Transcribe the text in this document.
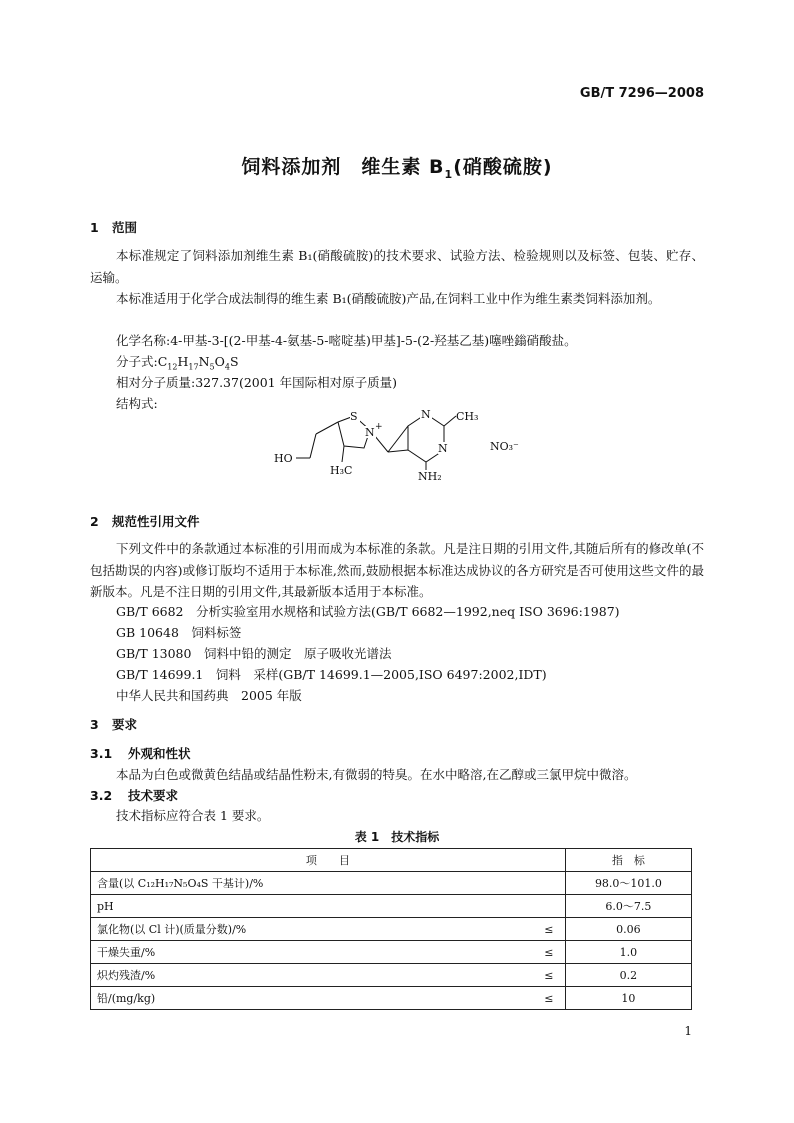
GB/T 7296—2008
饲料添加剂　维生素 $B_1$(硝酸硫胺)
1 范围
本标准规定了饲料添加剂维生素 B₁(硝酸硫胺)的技术要求、试验方法、检验规则以及标签、包装、贮存、运输。
本标准适用于化学合成法制得的维生素 B₁(硝酸硫胺)产品,在饲料工业中作为维生素类饲料添加剂。
化学名称:4-甲基-3-[(2-甲基-4-氨基-5-嘧啶基)甲基]-5-(2-羟基乙基)噻唑鎓硝酸盐。
分子式$:C_{12}H_{17}N_5O_4S$
相对分子质量:327.37(2001 年国际相对原子质量)
结构式:
S
N +
HO
H₃C
N
N
CH₃
NH₂
NO₃⁻
2 规范性引用文件
下列文件中的条款通过本标准的引用而成为本标准的条款。凡是注日期的引用文件,其随后所有的修改单(不包括勘误的内容)或修订版均不适用于本标准,然而,鼓励根据本标准达成协议的各方研究是否可使用这些文件的最新版本。凡是不注日期的引用文件,其最新版本适用于本标准。
GB/T 6682　分析实验室用水规格和试验方法(GB/T 6682—1992,neq ISO 3696:1987)
GB 10648　饲料标签
GB/T 13080　饲料中铅的测定　原子吸收光谱法
GB/T 14699.1　饲料　采样(GB/T 14699.1—2005,ISO 6497:2002,IDT)
中华人民共和国药典　2005 年版
3 要求
3.1 外观和性状
本品为白色或微黄色结晶或结晶性粉末,有微弱的特臭。在水中略溶,在乙醇或三氯甲烷中微溶。
3.2 技术要求
技术指标应符合表 1 要求。
表 1　技术指标
项　　目		指　标
含量(以 C₁₂H₁₇N₅O₄S 干基计)/%		98.0～101.0
pH		6.0～7.5
氯化物(以 Cl 计)(质量分数)/%	≤	0.06
干燥失重/%	≤	1.0
炽灼残渣/%	≤	0.2
铅/(mg/kg)	≤	10
1
